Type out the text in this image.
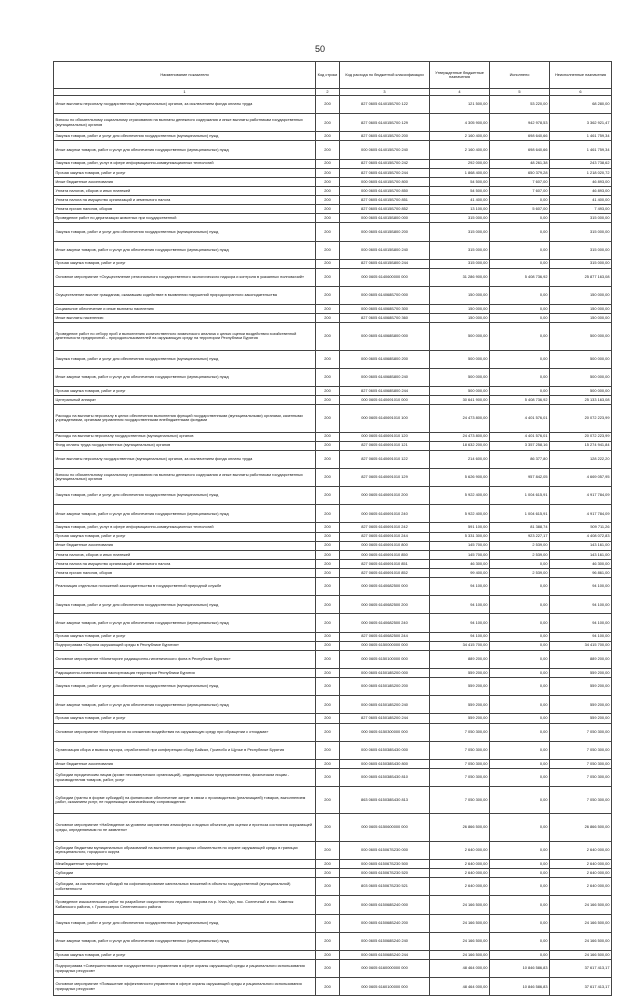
50
Наименование показателя	Код строки	Код расхода по бюджетной классификации	Утвержденные бюджетные назначения	Исполнено	Неисполненные назначения
1	2	3	4	5	6
Иные выплаты персоналу государственных (муниципальных) органов, за исключением фонда оплаты труда	200	827 0605 614015Б700 122	121 500,00	53 220,00	68 280,00
Взносы по обязательному социальному страхованию на выплаты денежного содержания и иные выплаты работникам государственных (муниципальных) органов	200	827 0605 614015Б700 129	4 305 900,00	942 978,53	3 362 921,47
Закупка товаров, работ и услуг для обеспечения государственных (муниципальных) нужд	200	827 0605 614015Б700 200	2 160 400,00	698 640,66	1 461 759,34
Иные закупки товаров, работ и услуг для обеспечения государственных (муниципальных) нужд	200	000 0605 614015Б700 240	2 160 400,00	698 640,66	1 461 759,34
Закупка товаров, работ, услуг в сфере информационно-коммуникационных технологий	200	827 0605 614015Б700 242	292 000,00	48 261,38	243 738,62
Прочая закупка товаров, работ и услуг	200	827 0605 614015Б700 244	1 868 400,00	650 379,28	1 218 020,72
Иные бюджетные ассигнования	200	000 0605 614015Б700 800	54 500,00	7 607,00	46 893,00
Уплата налогов, сборов и иных платежей	200	000 0605 614015Б700 850	54 500,00	7 607,00	46 893,00
Уплата налога на имущество организаций и земельного налога	200	827 0605 614015Б700 851	41 400,00	0,00	41 400,00
Уплата прочих налогов, сборов	200	827 0605 614015Б700 852	13 100,00	5 607,00	7 493,00
Проведение работ по дератизации животных при государственной	200	000 0605 614015Б800 000	315 000,00	0,00	315 000,00
Закупка товаров, работ и услуг для обеспечения государственных (муниципальных) нужд	200	000 0605 614015Б800 200	315 000,00	0,00	315 000,00
Иные закупки товаров, работ и услуг для обеспечения государственных (муниципальных) нужд	200	000 0605 614015Б800 240	315 000,00	0,00	315 000,00
Прочая закупка товаров, работ и услуг	200	827 0605 614015Б800 244	315 000,00	0,00	315 000,00
Основное мероприятие «Осуществление регионального государственного экологического надзора и контроля в указанных полномочий»	200	000 0605 6140600000 000	31 286 900,00	5 408 736,92	25 877 163,08
Осуществление выплат гражданам, оказавшим содействие в выявлении нарушений природоохранного законодательства	200	000 0605 614068Б700 000	150 000,00	0,00	150 000,00
Социальное обеспечение и иные выплаты населению	200	000 0605 614068Б700 300	150 000,00	0,00	150 000,00
Иные выплаты населению	200	827 0605 614068Б700 360	150 000,00	0,00	150 000,00
Проведение работ по отбору проб и выполнению количественного химического анализа с целью оценки воздействия хозяйственной деятельности предприятий – природопользователей на окружающую среду на территории Республики Бурятия	200	000 0605 614068Б800 000	500 000,00	0,00	500 000,00
Закупка товаров, работ и услуг для обеспечения государственных (муниципальных) нужд	200	000 0605 614068Б800 200	500 000,00	0,00	500 000,00
Иные закупки товаров, работ и услуг для обеспечения государственных (муниципальных) нужд	200	000 0605 614068Б800 240	500 000,00	0,00	500 000,00
Прочая закупка товаров, работ и услуг	200	827 0605 614068Б800 244	500 000,00	0,00	500 000,00
Центральный аппарат	200	000 0605 6140691010 000	30 641 900,00	5 408 736,92	25 133 163,08
Расходы на выплаты персоналу в целях обеспечения выполнения функций государственными (муниципальными) органами, казенными учреждениями, органами управления государственными внебюджетными фондами	200	000 0605 6140691010 100	24 473 800,00	4 401 576,01	20 072 223,99
Расходы на выплаты персоналу государственных (муниципальных) органов	200	000 0605 6140691010 120	24 473 800,00	4 401 576,01	20 072 223,99
Фонд оплаты труда государственных (муниципальных) органов	200	827 0605 6140691010 121	18 632 200,00	3 357 258,16	15 274 941,84
Иные выплаты персоналу государственных (муниципальных) органов, за исключением фонда оплаты труда	200	827 0605 6140691010 122	214 600,00	86 377,80	128 222,20
Взносы по обязательному социальному страхованию на выплаты денежного содержания и иные выплаты работникам государственных (муниципальных) органов	200	827 0605 6140691010 129	5 626 900,00	957 842,05	4 669 057,95
Закупка товаров, работ и услуг для обеспечения государственных (муниципальных) нужд	200	000 0605 6140691010 200	5 922 400,00	1 004 615,91	4 917 784,09
Иные закупки товаров, работ и услуг для обеспечения государственных (муниципальных) нужд	200	000 0605 6140691010 240	5 922 400,00	1 004 615,91	4 917 784,09
Закупка товаров, работ, услуг в сфере информационно-коммуникационных технологий	200	827 0605 6140691010 242	591 100,00	81 388,74	509 711,26
Прочая закупка товаров, работ и услуг	200	827 0605 6140691010 244	5 331 300,00	923 227,17	4 408 072,83
Иные бюджетные ассигнования	200	000 0605 6140691010 800	145 700,00	2 539,00	143 161,00
Уплата налогов, сборов и иных платежей	200	000 0605 6140691010 850	145 700,00	2 539,00	143 161,00
Уплата налога на имущество организаций и земельного налога	200	827 0605 6140691010 851	46 300,00	0,00	46 300,00
Уплата прочих налогов, сборов	200	827 0605 6140691010 852	99 400,00	2 539,00	96 861,00
Реализация отдельных положений законодательства в государственной природной службе	200	000 0605 6140682500 000	94 100,00	0,00	94 100,00
Закупка товаров, работ и услуг для обеспечения государственных (муниципальных) нужд	200	000 0605 6140682500 200	94 100,00	0,00	94 100,00
Иные закупки товаров, работ и услуг для обеспечения государственных (муниципальных) нужд	200	000 0605 6140682500 240	94 100,00	0,00	94 100,00
Прочая закупка товаров, работ и услуг	200	827 0605 6140682500 244	94 100,00	0,00	94 100,00
Подпрограмма «Охрана окружающей среды в Республике Бурятия»	200	000 0605 6150000000 000	34 415 700,00	0,00	34 415 700,00
Основное мероприятие «Мониторинг радиационно-гигиенического фона в Республике Бурятия»	200	000 0605 6150100000 000	889 200,00	0,00	889 200,00
Радиационно-гигиеническая паспортизация территории Республики Бурятия	200	000 0605 615018Б200 000	559 200,00	0,00	559 200,00
Закупка товаров, работ и услуг для обеспечения государственных (муниципальных) нужд	200	000 0605 615018Б200 200	559 200,00	0,00	559 200,00
Иные закупки товаров, работ и услуг для обеспечения государственных (муниципальных) нужд	200	000 0605 615018Б200 240	559 200,00	0,00	559 200,00
Прочая закупка товаров, работ и услуг	200	827 0605 615018Б200 244	559 200,00	0,00	559 200,00
Основное мероприятие «Мероприятия по снижению воздействия на окружающую среду при обращении с отходами»	200	000 0605 6150300000 000	7 050 300,00	0,00	7 050 300,00
Организация сбора и вывоза мусора, отработанной при конференции сбору Байкал, Гусинобо и Щучье в Республике Бурятия	200	000 0605 615038Б430 000	7 050 300,00	0,00	7 050 300,00
Иные бюджетные ассигнования	200	000 0605 615038Б430 800	7 050 300,00	0,00	7 050 300,00
Субсидии юридическим лицам (кроме некоммерческих организаций), индивидуальным предпринимателям, физическим лицам - производителям товаров, работ, услуг	200	000 0605 615038Б430 810	7 050 300,00	0,00	7 050 300,00
Субсидии (гранты в форме субсидий) на финансовое обеспечение затрат в связи с производством (реализацией) товаров, выполнением работ, оказанием услуг, не подлежащие казначейскому сопровождению	200	863 0605 615038Б430 813	7 050 300,00	0,00	7 050 300,00
Основное мероприятие «Наблюдение за уровнем загрязнения атмосферы и водных объектов для оценки и прогноза состояния окружающей среды, определяемым по не заявлено»	200	000 0605 6150600000 000	26 866 500,00	0,00	26 866 500,00
Субсидии бюджетам муниципальных образований на выполнение расходных обязательств по охране окружающей среды в границах муниципального, городского округа	200	000 0605 615067Б230 000	2 640 000,00	0,00	2 640 000,00
Межбюджетные трансферты	200	000 0605 615067Б230 500	2 640 000,00	0,00	2 640 000,00
Субсидии	200	000 0605 615067Б230 520	2 640 000,00	0,00	2 640 000,00
Субсидии, за исключением субсидий на софинансирование капитальных вложений в объекты государственной (муниципальной) собственности	200	803 0605 615067Б230 521	2 640 000,00	0,00	2 640 000,00
Проведение изыскательских работ по разработке искусственного ледового покрова на р. Улан-Удэ, пос. Солнечный и пос. Каменск Кабанского района, г. Гусиноозерск Селенгинского района	200	000 0605 615068Б240 000	24 166 500,00	0,00	24 166 500,00
Закупка товаров, работ и услуг для обеспечения государственных (муниципальных) нужд	200	000 0605 615068Б240 200	24 166 500,00	0,00	24 166 500,00
Иные закупки товаров, работ и услуг для обеспечения государственных (муниципальных) нужд	200	000 0605 615068Б240 240	24 166 500,00	0,00	24 166 500,00
Прочая закупка товаров, работ и услуг	200	000 0605 615068Б240 244	24 166 500,00	0,00	24 166 500,00
Подпрограмма «Совершенствование государственного управления в сфере охраны окружающей среды и рационального использования природных ресурсов»	200	000 0605 6160000000 000	48 464 000,00	10 846 586,83	37 617 413,17
Основное мероприятие «Повышение эффективности управления в сфере охраны окружающей среды и рационального использования природных ресурсов»	200	000 0605 6160100000 000	48 464 000,00	10 846 586,83	37 617 413,17
